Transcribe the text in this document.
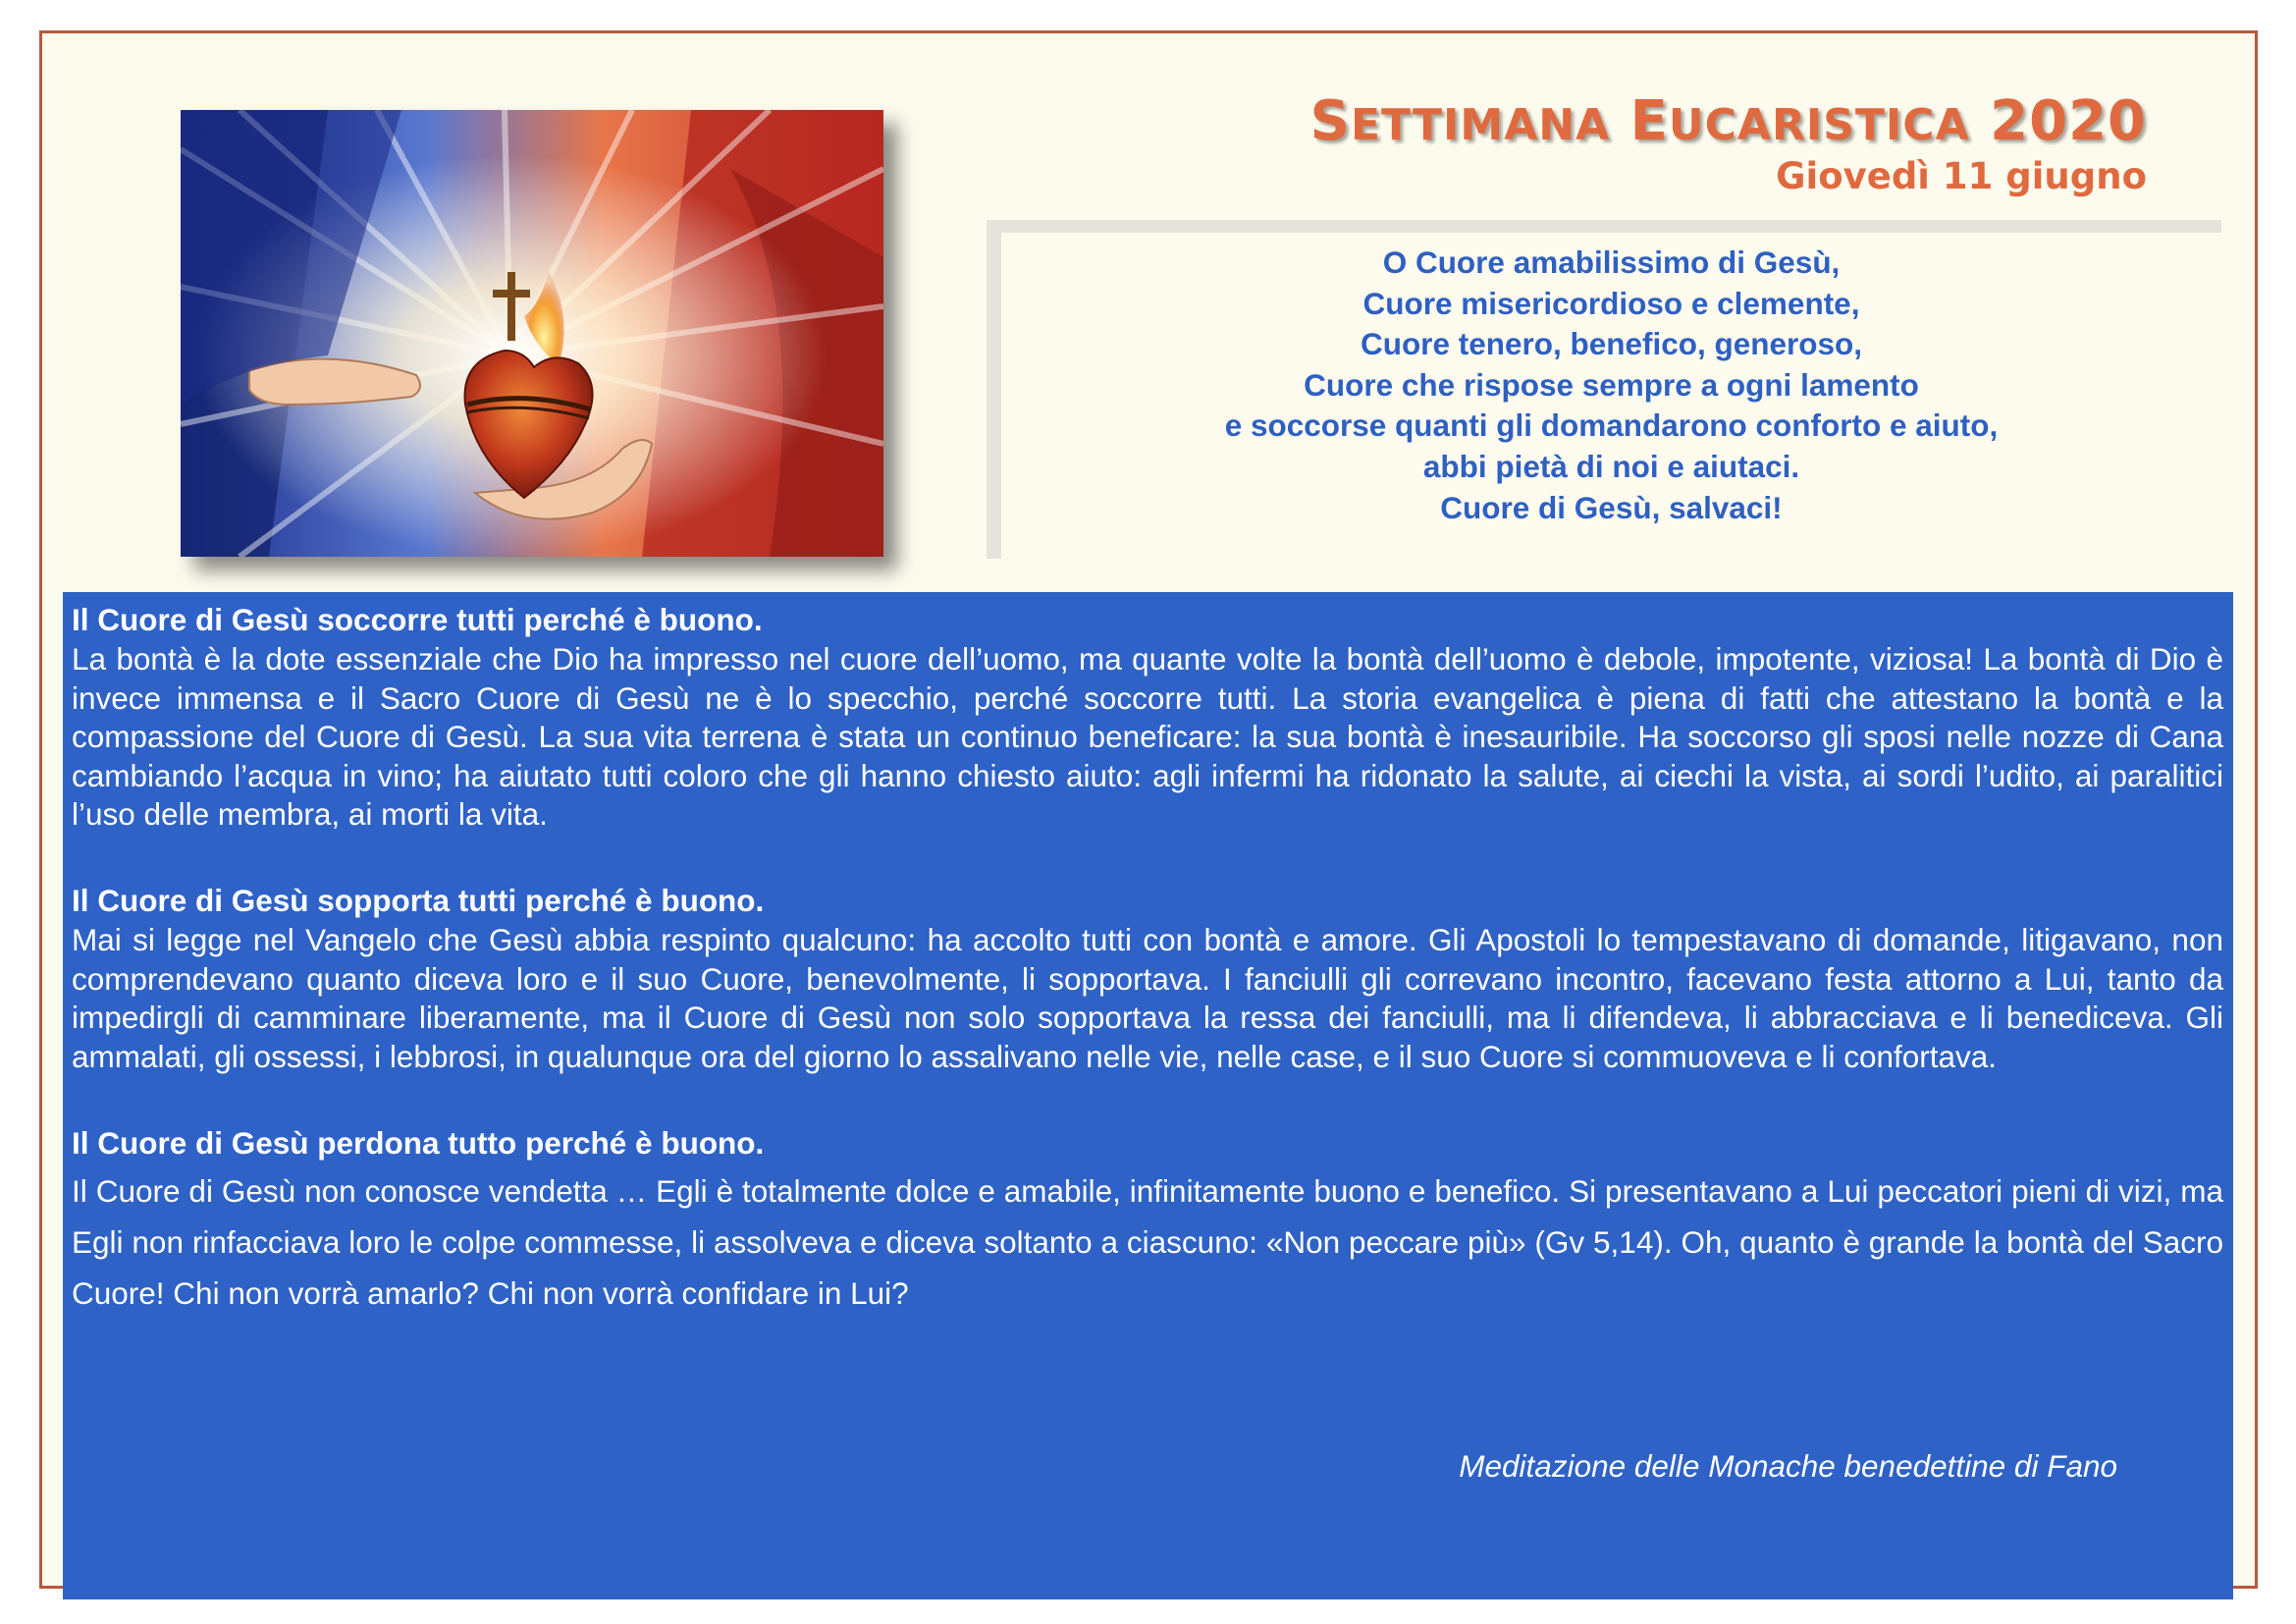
SETTIMANA EUCARISTICA 2020
Giovedì 11 giugno
O Cuore amabilissimo di Gesù,
Cuore misericordioso e clemente,
Cuore tenero, benefico, generoso,
Cuore che rispose sempre a ogni lamento
e soccorse quanti gli domandarono conforto e aiuto,
abbi pietà di noi e aiutaci.
Cuore di Gesù, salvaci!
Il Cuore di Gesù soccorre tutti perché è buono.
La bontà è la dote essenziale che Dio ha impresso nel cuore dell’uomo, ma quante volte la bontà dell’uomo è debole, impotente, viziosa! La bontà di Dio è invece immensa e il Sacro Cuore di Gesù ne è lo specchio, perché soccorre tutti. La storia evangelica è piena di fatti che attestano la bontà e la compassione del Cuore di Gesù. La sua vita terrena è stata un continuo beneficare: la sua bontà è inesauribile. Ha soccorso gli sposi nelle nozze di Cana cambiando l’acqua in vino; ha aiutato tutti coloro che gli hanno chiesto aiuto: agli infermi ha ridonato la salute, ai ciechi la vista, ai sordi l’udito, ai paralitici l’uso delle membra, ai morti la vita.
Il Cuore di Gesù sopporta tutti perché è buono.
Mai si legge nel Vangelo che Gesù abbia respinto qualcuno: ha accolto tutti con bontà e amore. Gli Apostoli lo tempestavano di domande, litigavano, non comprendevano quanto diceva loro e il suo Cuore, benevolmente, li sopportava. I fanciulli gli correvano incontro, facevano festa attorno a Lui, tanto da impedirgli di camminare liberamente, ma il Cuore di Gesù non solo sopportava la ressa dei fanciulli, ma li difendeva, li abbracciava e li benediceva. Gli ammalati, gli ossessi, i lebbrosi, in qualunque ora del giorno lo assalivano nelle vie, nelle case, e il suo Cuore si commuoveva e li confortava.
Il Cuore di Gesù perdona tutto perché è buono.
Il Cuore di Gesù non conosce vendetta … Egli è totalmente dolce e amabile, infinitamente buono e benefico. Si presentavano a Lui peccatori pieni di vizi, ma Egli non rinfacciava loro le colpe commesse, li assolveva e diceva soltanto a ciascuno: «Non peccare più» (Gv 5,14). Oh, quanto è grande la bontà del Sacro Cuore! Chi non vorrà amarlo? Chi non vorrà confidare in Lui?
Meditazione delle Monache benedettine di Fano
